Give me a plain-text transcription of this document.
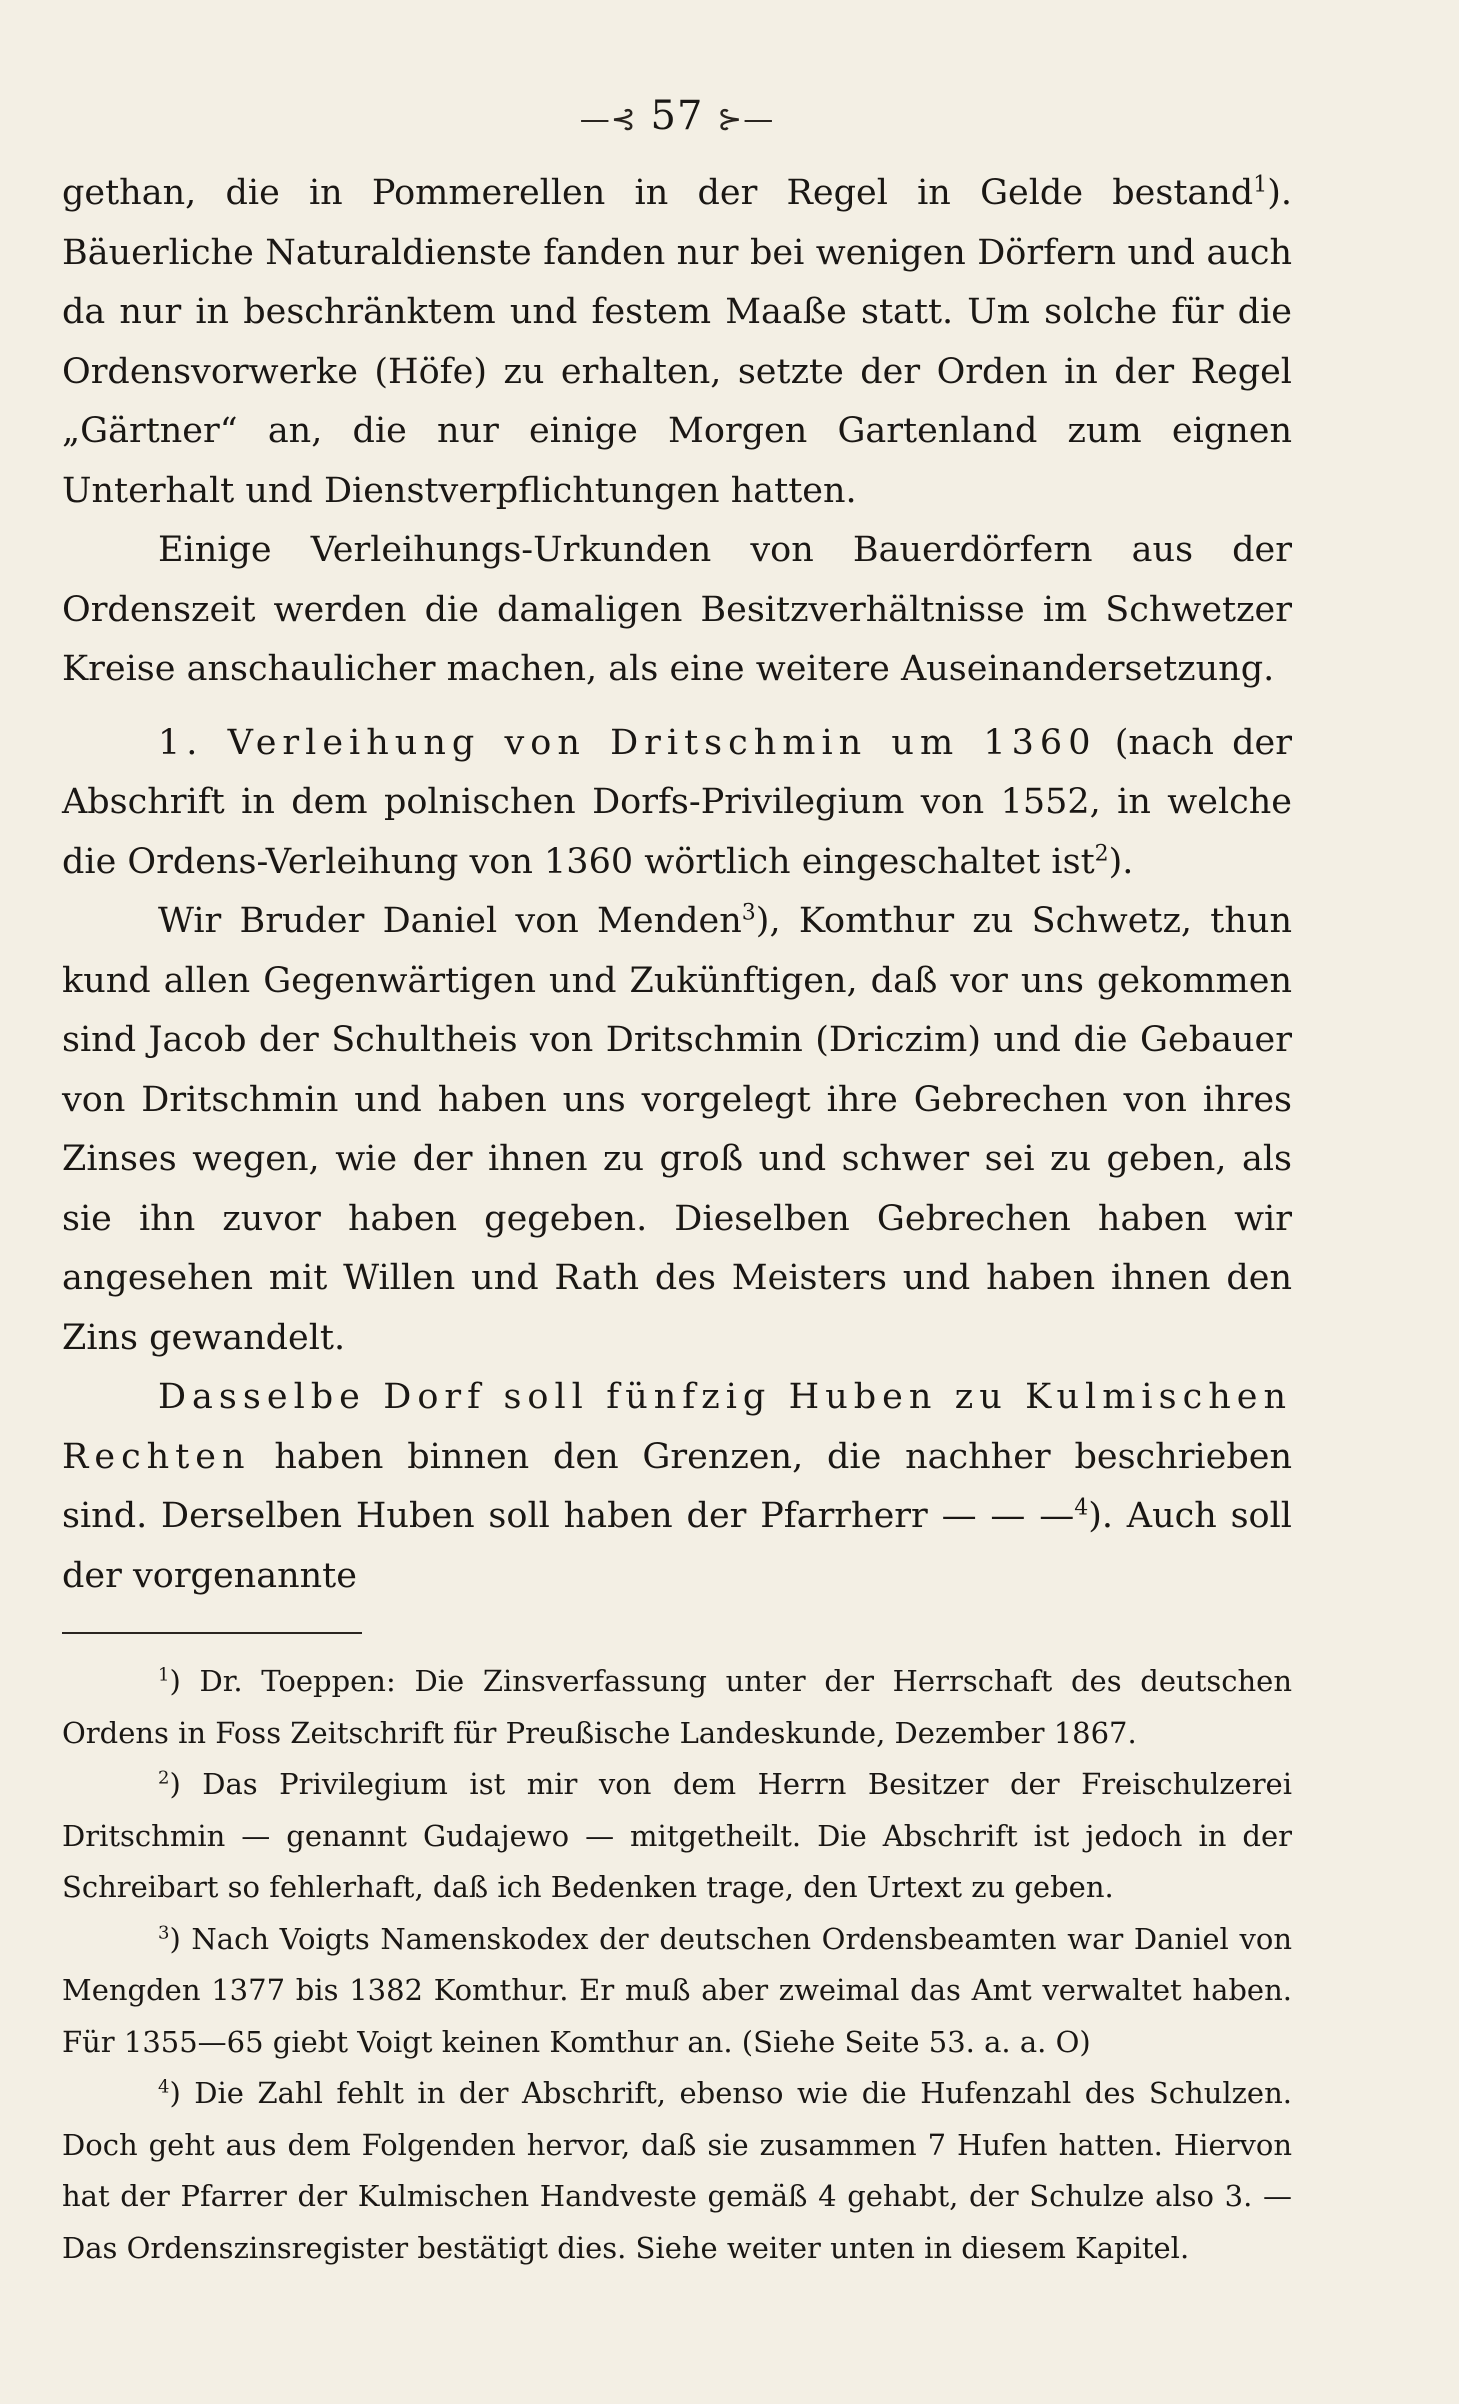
—⊰ 57 ⊱—

gethan, die in Pommerellen in der Regel in Gelde bestand$^1$). Bäuerliche Naturaldienste fanden nur bei wenigen Dörfern und auch da nur in beschränktem und festem Maaße statt. Um solche für die Ordensvorwerke (Höfe) zu erhalten, setzte der Orden in der Regel „Gärtner“ an, die nur einige Morgen Gartenland zum eignen Unterhalt und Dienstverpflichtungen hatten.

Einige Verleihungs-Urkunden von Bauerdörfern aus der Ordenszeit werden die damaligen Besitzverhältnisse im Schwetzer Kreise anschaulicher machen, als eine weitere Auseinandersetzung.

1. Verleihung von Dritschmin um 1360 (nach der Abschrift in dem polnischen Dorfs-Privilegium von 1552, in welche die Ordens-Verleihung von 1360 wörtlich eingeschaltet ist$^2$).

Wir Bruder Daniel von Menden$^3$), Komthur zu Schwetz, thun kund allen Gegenwärtigen und Zukünftigen, daß vor uns gekommen sind Jacob der Schultheis von Dritschmin (Driczim) und die Gebauer von Dritschmin und haben uns vorgelegt ihre Gebrechen von ihres Zinses wegen, wie der ihnen zu groß und schwer sei zu geben, als sie ihn zuvor haben gegeben. Dieselben Gebrechen haben wir angesehen mit Willen und Rath des Meisters und haben ihnen den Zins gewandelt.

Dasselbe Dorf soll fünfzig Huben zu Kulmischen Rechten haben binnen den Grenzen, die nachher beschrieben sind. Derselben Huben soll haben der Pfarrherr — — —$^4$). Auch soll der vorgenannte

$^1$) Dr. Toeppen: Die Zinsverfassung unter der Herrschaft des deutschen Ordens in Foss Zeitschrift für Preußische Landeskunde, Dezember 1867.

$^2$) Das Privilegium ist mir von dem Herrn Besitzer der Freischulzerei Dritschmin — genannt Gudajewo — mitgetheilt. Die Abschrift ist jedoch in der Schreibart so fehlerhaft, daß ich Bedenken trage, den Urtext zu geben.

$^3$) Nach Voigts Namenskodex der deutschen Ordensbeamten war Daniel von Mengden 1377 bis 1382 Komthur. Er muß aber zweimal das Amt verwaltet haben. Für 1355—65 giebt Voigt keinen Komthur an. (Siehe Seite 53. a. a. O)

$^4$) Die Zahl fehlt in der Abschrift, ebenso wie die Hufenzahl des Schulzen. Doch geht aus dem Folgenden hervor, daß sie zusammen 7 Hufen hatten. Hiervon hat der Pfarrer der Kulmischen Handveste gemäß 4 gehabt, der Schulze also 3. — Das Ordenszinsregister bestätigt dies. Siehe weiter unten in diesem Kapitel.
